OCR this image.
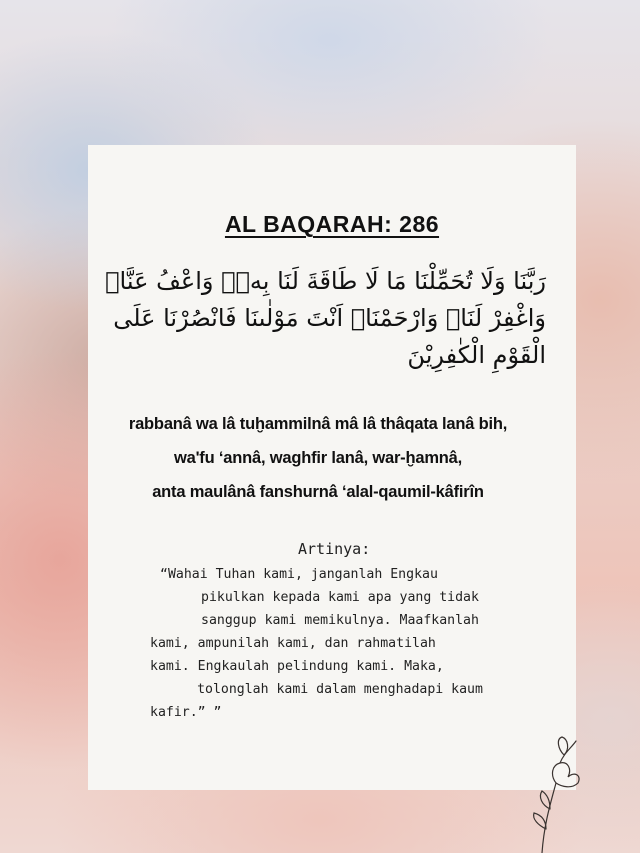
AL BAQARAH: 286
رَبَّنَا وَلَا تُحَمِّلْنَا مَا لَا طَاقَةَ لَنَا بِهٖۚ وَاعْفُ عَنَّاۗ
وَاغْفِرْ لَنَاۗ وَارْحَمْنَاۗ اَنْتَ مَوْلٰىنَا فَانْصُرْنَا عَلَى
الْقَوْمِ الْكٰفِرِيْنَ
rabbanâ wa lâ tuḫammilnâ mâ lâ thâqata lanâ bih,
wa'fu ‘annâ, waghfir lanâ, war-ḫamnâ,
anta maulânâ fanshurnâ ‘alal-qaumil-kâfirîn
Artinya:
“Wahai Tuhan kami, janganlah Engkau
pikulkan kepada kami apa yang tidak
sanggup kami memikulnya. Maafkanlah
kami, ampunilah kami, dan rahmatilah
kami. Engkaulah pelindung kami. Maka,
tolonglah kami dalam menghadapi kaum
kafir.” ”
